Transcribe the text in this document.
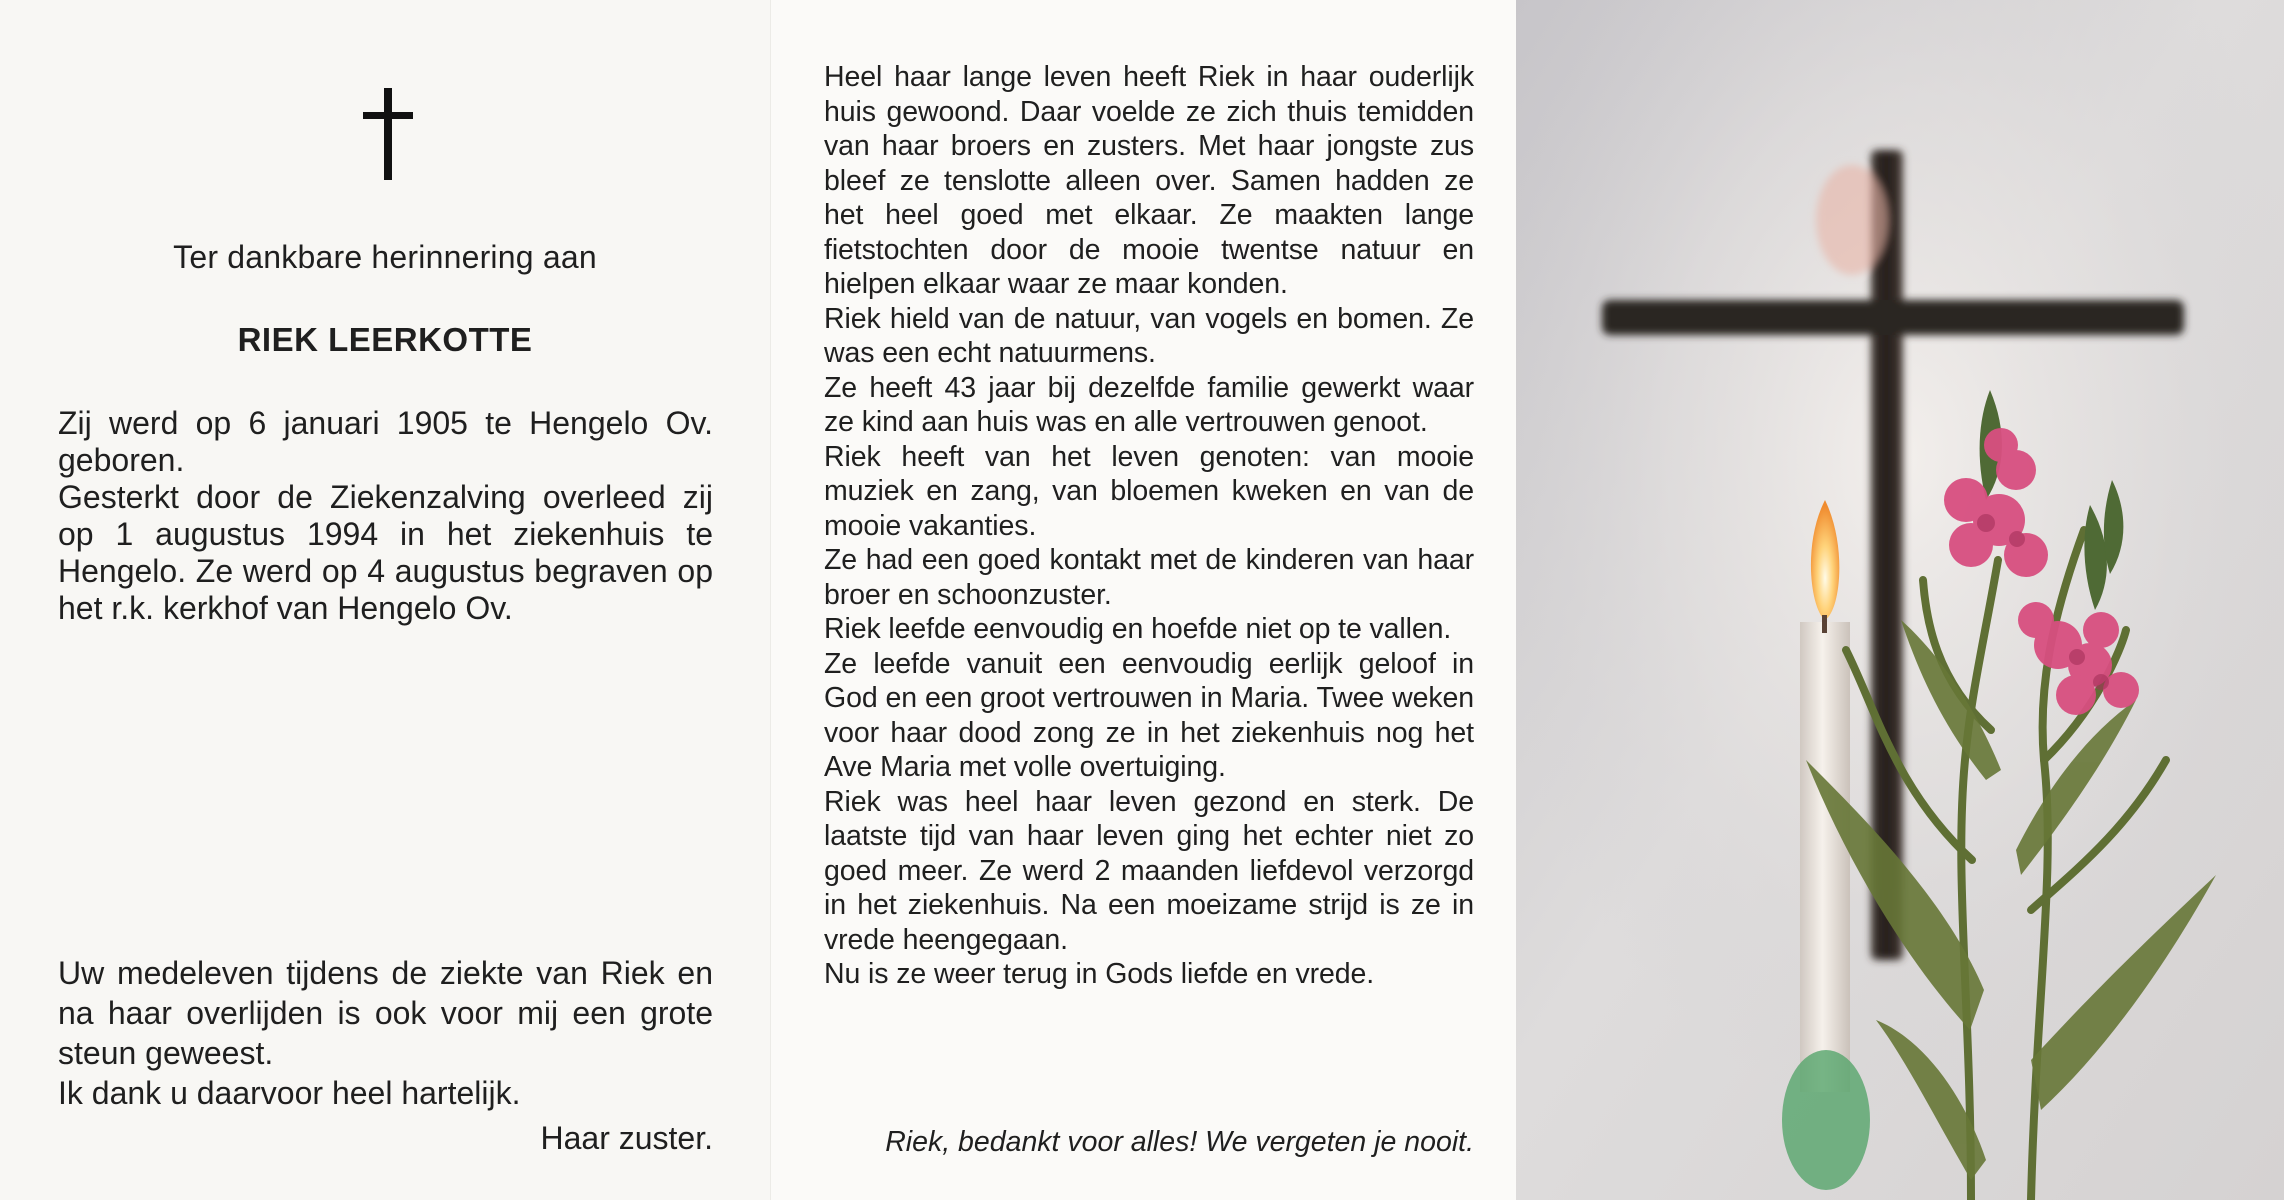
Ter dankbare herinnering aan
RIEK LEERKOTTE

Zij werd op 6 januari 1905 te Hengelo Ov. geboren.

Gesterkt door de Ziekenzalving overleed zij op 1 augustus 1994 in het ziekenhuis te Hengelo. Ze werd op 4 augustus begraven op het r.k. kerkhof van Hengelo Ov.

Uw medeleven tijdens de ziekte van Riek en na haar overlijden is ook voor mij een grote steun geweest.

Ik dank u daarvoor heel hartelijk.

Haar zuster.

Heel haar lange leven heeft Riek in haar ouderlijk huis gewoond. Daar voelde ze zich thuis temidden van haar broers en zusters. Met haar jongste zus bleef ze tenslotte alleen over. Samen hadden ze het heel goed met elkaar. Ze maakten lange fietstochten door de mooie twentse natuur en hielpen elkaar waar ze maar konden.

Riek hield van de natuur, van vogels en bomen. Ze was een echt natuurmens.

Ze heeft 43 jaar bij dezelfde familie gewerkt waar ze kind aan huis was en alle vertrouwen genoot.

Riek heeft van het leven genoten: van mooie muziek en zang, van bloemen kweken en van de mooie vakanties.

Ze had een goed kontakt met de kinderen van haar broer en schoonzuster.

Riek leefde eenvoudig en hoefde niet op te vallen.

Ze leefde vanuit een eenvoudig eerlijk geloof in God en een groot vertrouwen in Maria. Twee weken voor haar dood zong ze in het ziekenhuis nog het Ave Maria met volle overtuiging.

Riek was heel haar leven gezond en sterk. De laatste tijd van haar leven ging het echter niet zo goed meer. Ze werd 2 maanden liefdevol verzorgd in het ziekenhuis. Na een moeizame strijd is ze in vrede heengegaan.

Nu is ze weer terug in Gods liefde en vrede.

Riek, bedankt voor alles! We vergeten je nooit.
